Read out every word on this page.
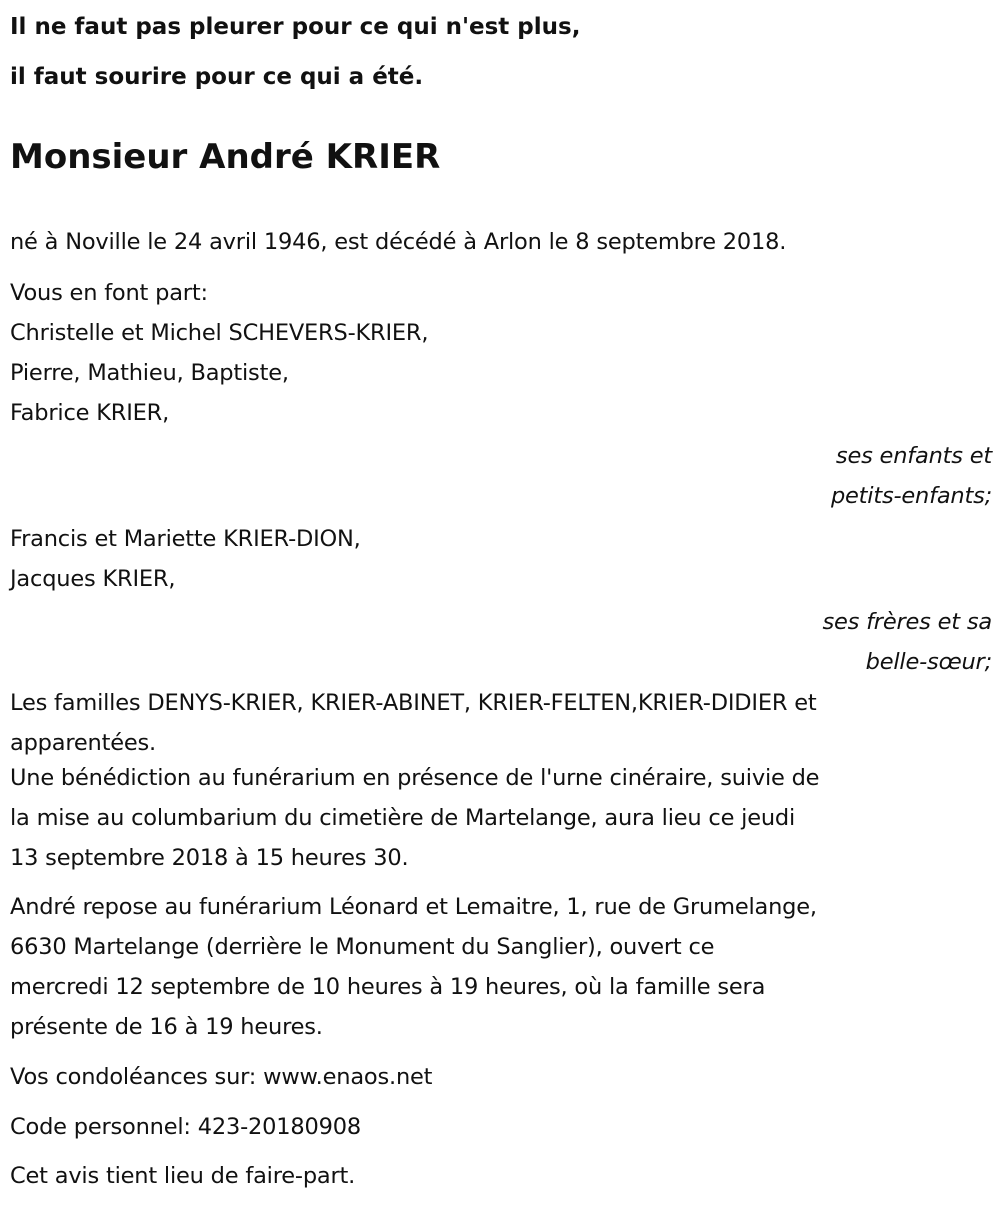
Il ne faut pas pleurer pour ce qui n'est plus,
il faut sourire pour ce qui a été.
Monsieur André KRIER
né à Noville le 24 avril 1946, est décédé à Arlon le 8 septembre 2018.
Vous en font part:
Christelle et Michel SCHEVERS-KRIER,
Pierre, Mathieu, Baptiste,
Fabrice KRIER,
ses enfants et
petits-enfants;
Francis et Mariette KRIER-DION,
Jacques KRIER,
ses frères et sa
belle-sœur;
Les familles DENYS-KRIER, KRIER-ABINET, KRIER-FELTEN,KRIER-DIDIER et
apparentées.
Une bénédiction au funérarium en présence de l'urne cinéraire, suivie de
la mise au columbarium du cimetière de Martelange, aura lieu ce jeudi
13 septembre 2018 à 15 heures 30.
André repose au funérarium Léonard et Lemaitre, 1, rue de Grumelange,
6630 Martelange (derrière le Monument du Sanglier), ouvert ce
mercredi 12 septembre de 10 heures à 19 heures, où la famille sera
présente de 16 à 19 heures.
Vos condoléances sur: www.enaos.net
Code personnel: 423-20180908
Cet avis tient lieu de faire-part.
